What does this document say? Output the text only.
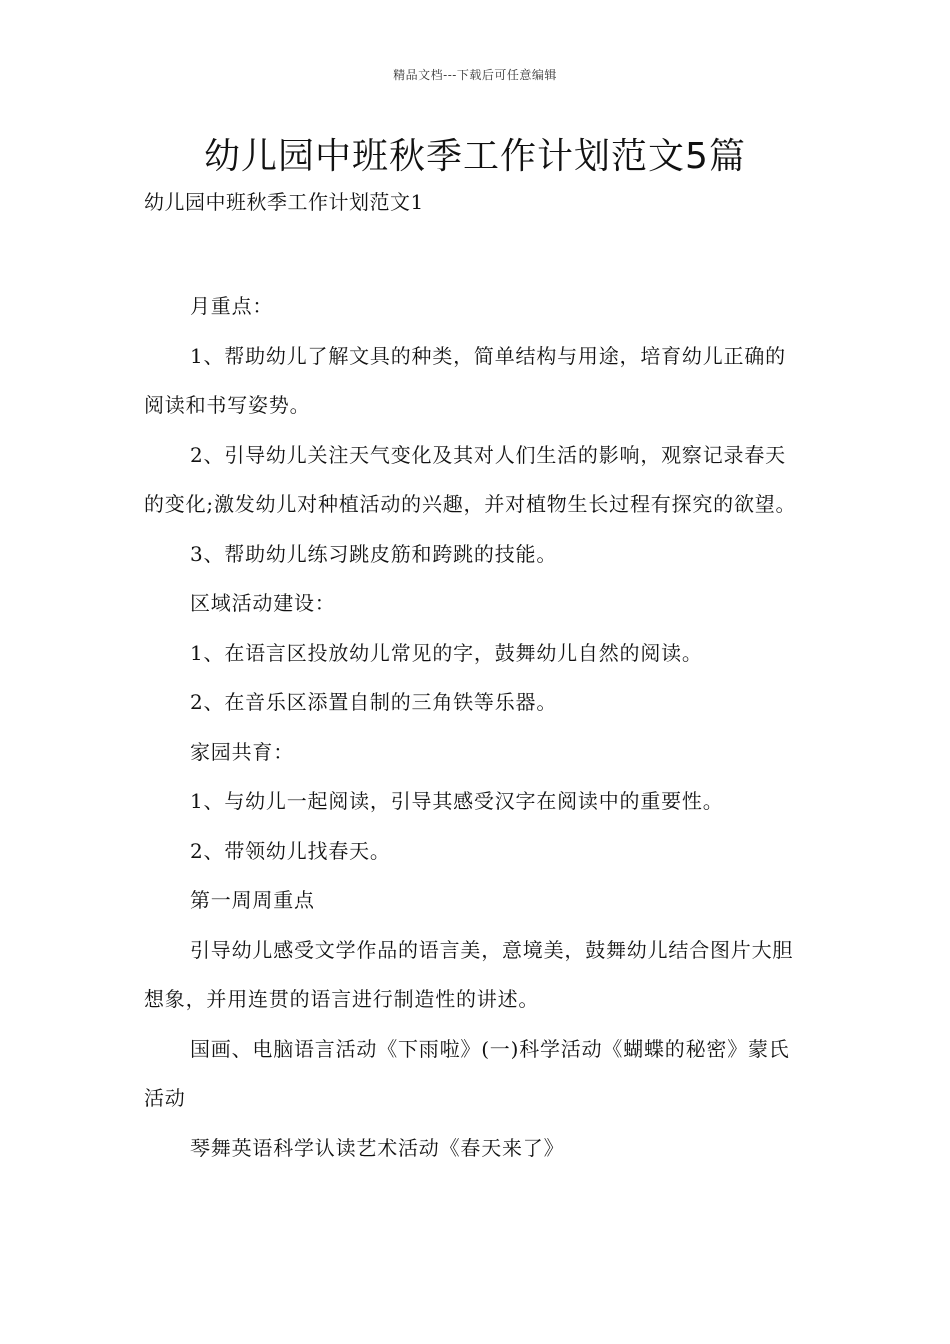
精品文档---下载后可任意编辑
幼儿园中班秋季工作计划范文5篇
幼儿园中班秋季工作计划范文1

月重点：

1、帮助幼儿了解文具的种类，简单结构与用途，培育幼儿正确的阅读和书写姿势。

2、引导幼儿关注天气变化及其对人们生活的影响，观察记录春天的变化;激发幼儿对种植活动的兴趣，并对植物生长过程有探究的欲望。

3、帮助幼儿练习跳皮筋和跨跳的技能。

区域活动建设：

1、在语言区投放幼儿常见的字，鼓舞幼儿自然的阅读。

2、在音乐区添置自制的三角铁等乐器。

家园共育：

1、与幼儿一起阅读，引导其感受汉字在阅读中的重要性。

2、带领幼儿找春天。

第一周周重点

引导幼儿感受文学作品的语言美，意境美，鼓舞幼儿结合图片大胆想象，并用连贯的语言进行制造性的讲述。

国画、电脑语言活动《下雨啦》(一)科学活动《蝴蝶的秘密》蒙氏活动

琴舞英语科学认读艺术活动《春天来了》
